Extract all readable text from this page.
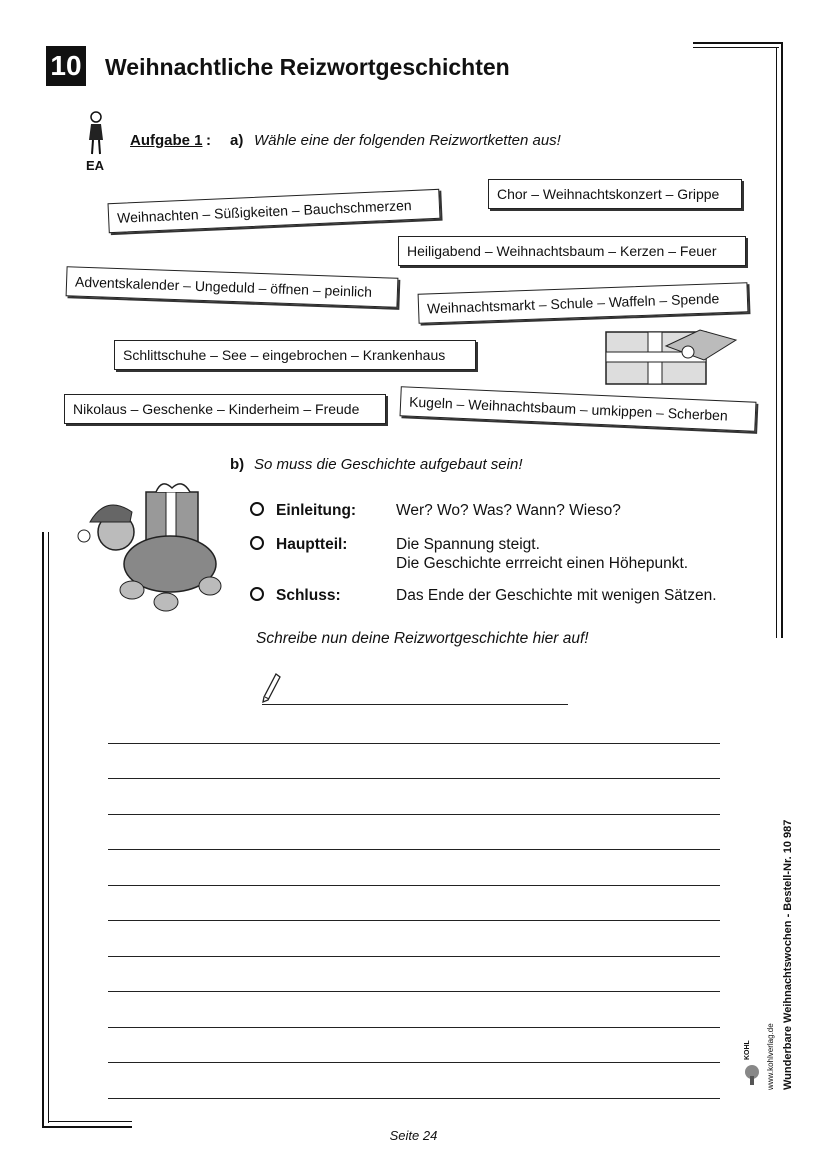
10 Weihnachtliche Reizwortgeschichten
EA
Aufgabe 1 : a) Wähle eine der folgenden Reizwortketten aus!
Chor – Weihnachtskonzert – Grippe
Weihnachten – Süßigkeiten – Bauchschmerzen
Heiligabend – Weihnachtsbaum – Kerzen – Feuer
Adventskalender – Ungeduld – öffnen – peinlich
Weihnachtsmarkt – Schule – Waffeln – Spende
Schlittschuhe – See – eingebrochen – Krankenhaus
Nikolaus – Geschenke – Kinderheim – Freude	Kugeln – Weihnachtsbaum – umkippen – Scherben
b) So muss die Geschichte aufgebaut sein!
Einleitung:	Wer? Wo? Was? Wann? Wieso?
Hauptteil:	Die Spannung steigt.
Die Geschichte errreicht einen Höhepunkt.
Schluss:	Das Ende der Geschichte mit wenigen Sätzen.
Schreibe nun deine Reizwortgeschichte hier auf!
Wunderbare Weihnachtswochen - Bestell-Nr. 10 987
www.kohlverlag.de
KOHL
Seite 24
